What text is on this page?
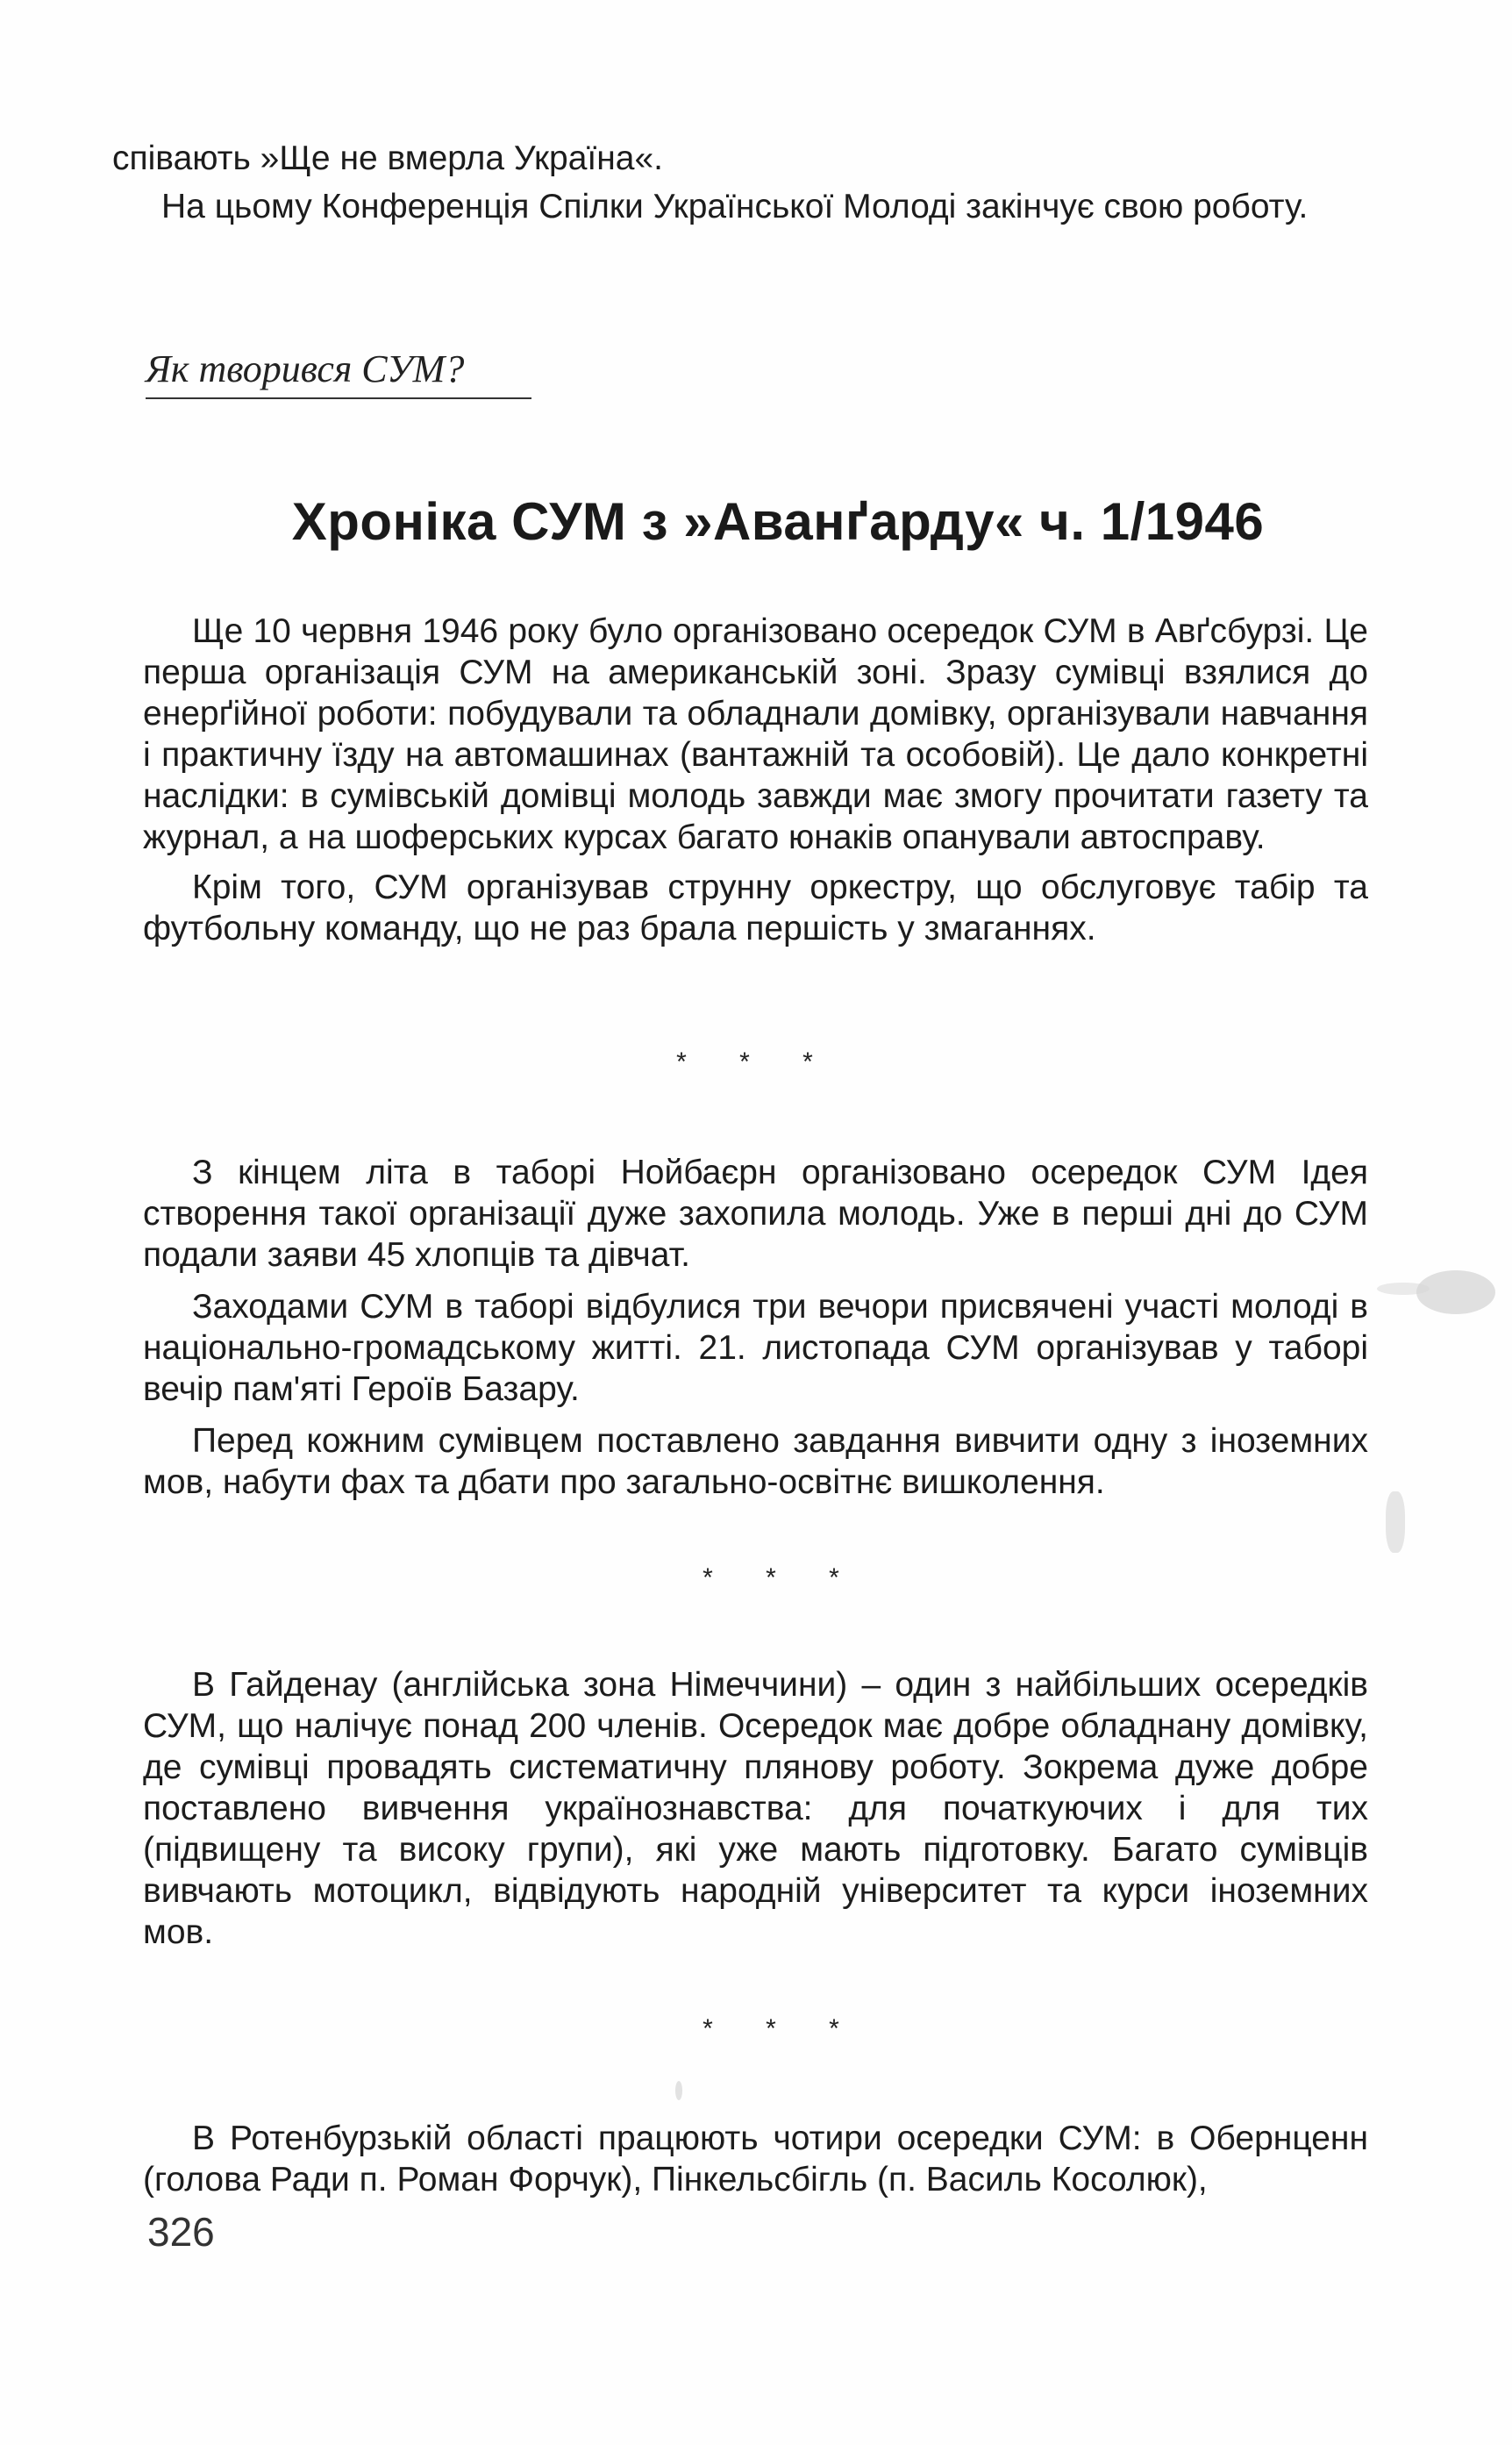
співають »Ще не вмерла Україна«.

На цьому Конференція Спілки Української Молоді закінчує свою роботу.

Як творився СУМ?
Хроніка СУМ з »Аванґарду« ч. 1/1946

Ще 10 червня 1946 року було організовано осередок СУМ в Авґсбурзі. Це перша організація СУМ на американській зоні. Зразу сумівці взялися до енерґійної роботи: побудували та обладнали домівку, організували навчання і практичну їзду на автомашинах (вантажній та особовій). Це дало конкретні наслідки: в сумівській домівці молодь завжди має змогу прочитати газету та журнал, а на шоферських курсах багато юнаків опанували автосправу.

Крім того, СУМ організував струнну оркестру, що обслуговує табір та футбольну команду, що не раз брала першість у змаганнях.

* * *

З кінцем літа в таборі Нойбаєрн організовано осередок СУМ Ідея створення такої організації дуже захопила молодь. Уже в перші дні до СУМ подали заяви 45 хлопців та дівчат.

Заходами СУМ в таборі відбулися три вечори присвячені участі молоді в національно-громадському житті. 21. листопада СУМ організував у таборі вечір пам'яті Героїв Базару.

Перед кожним сумівцем поставлено завдання вивчити одну з іноземних мов, набути фах та дбати про загально-освітнє вишколення.

* * *

В Гайденау (англійська зона Німеччини) – один з найбільших осередків СУМ, що налічує понад 200 членів. Осередок має добре обладнану домівку, де сумівці провадять систематичну плянову роботу. Зокрема дуже добре поставлено вивчення українознавства: для початкуючих і для тих (підвищену та високу групи), які уже мають підготовку. Багато сумівців вивчають мотоцикл, відвідують народній університет та курси іноземних мов.

* * *

В Ротенбурзькій області працюють чотири осередки СУМ: в Обернценн (голова Ради п. Роман Форчук), Пінкельсбігль (п. Василь Косолюк),

326
